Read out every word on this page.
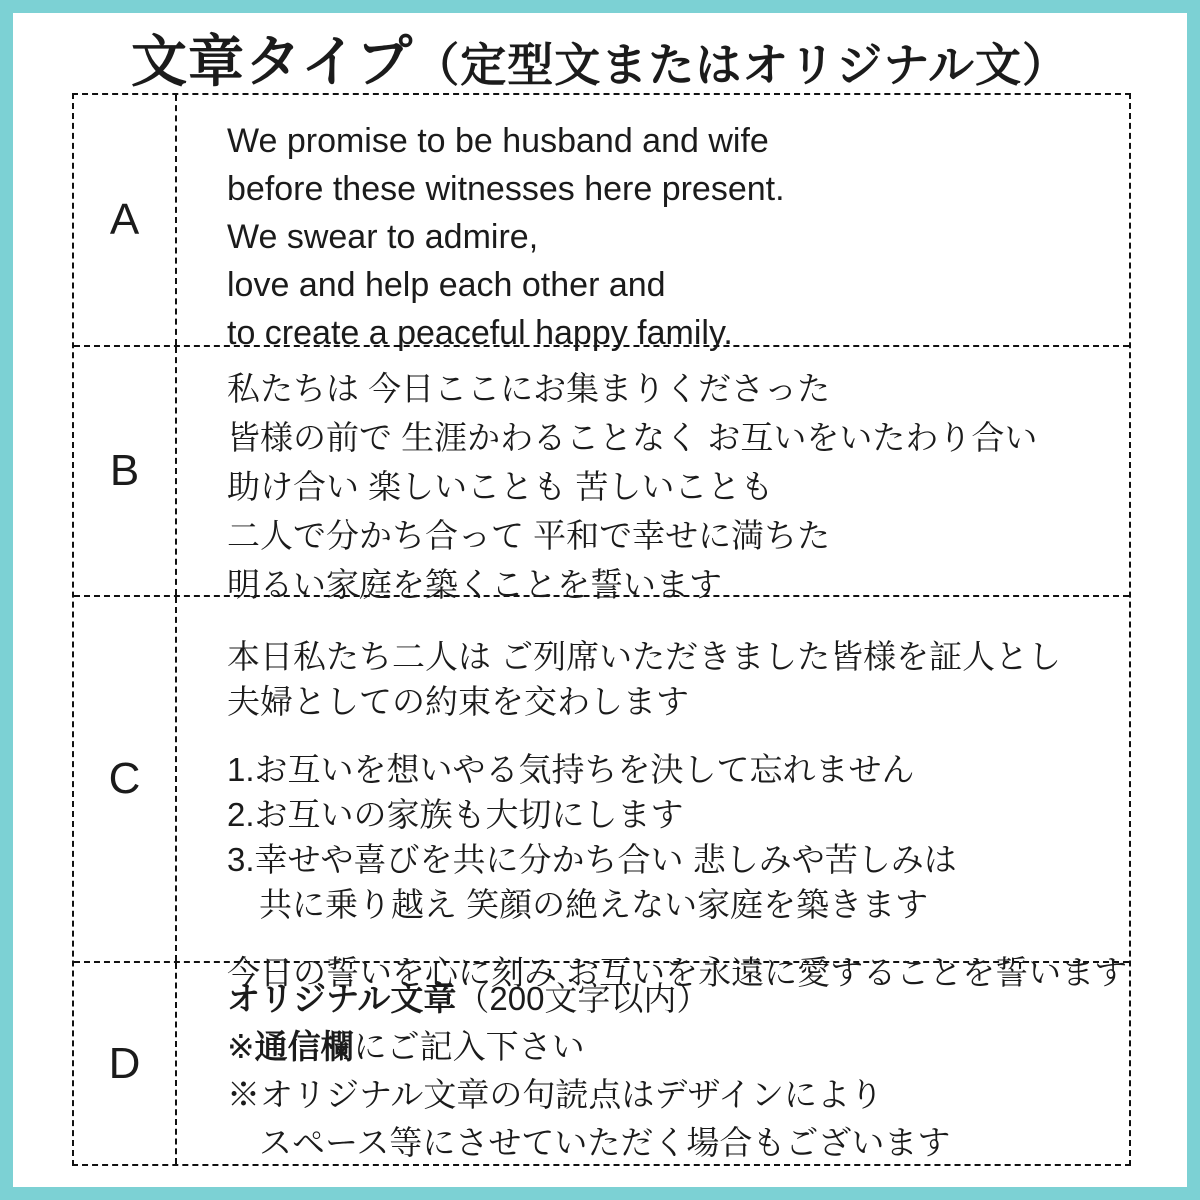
文章タイプ（定型文またはオリジナル文）
A
We promise to be husband and wife
before these witnesses here present.
We swear to admire,
love and help each other and
to create a peaceful happy family.
B
私たちは 今日ここにお集まりくださった
皆様の前で 生涯かわることなく お互いをいたわり合い
助け合い 楽しいことも 苦しいことも
二人で分かち合って 平和で幸せに満ちた
明るい家庭を築くことを誓います
C

本日私たち二人は ご列席いただきました皆様を証人とし
夫婦としての約束を交わします

1.お互いを想いやる気持ちを決して忘れません
2.お互いの家族も大切にします
3.幸せや喜びを共に分かち合い 悲しみや苦しみは
共に乗り越え 笑顔の絶えない家庭を築きます

今日の誓いを心に刻み お互いを永遠に愛することを誓います

D
オリジナル文章（200文字以内）
※通信欄にご記入下さい
※オリジナル文章の句読点はデザインにより
スペース等にさせていただく場合もございます
